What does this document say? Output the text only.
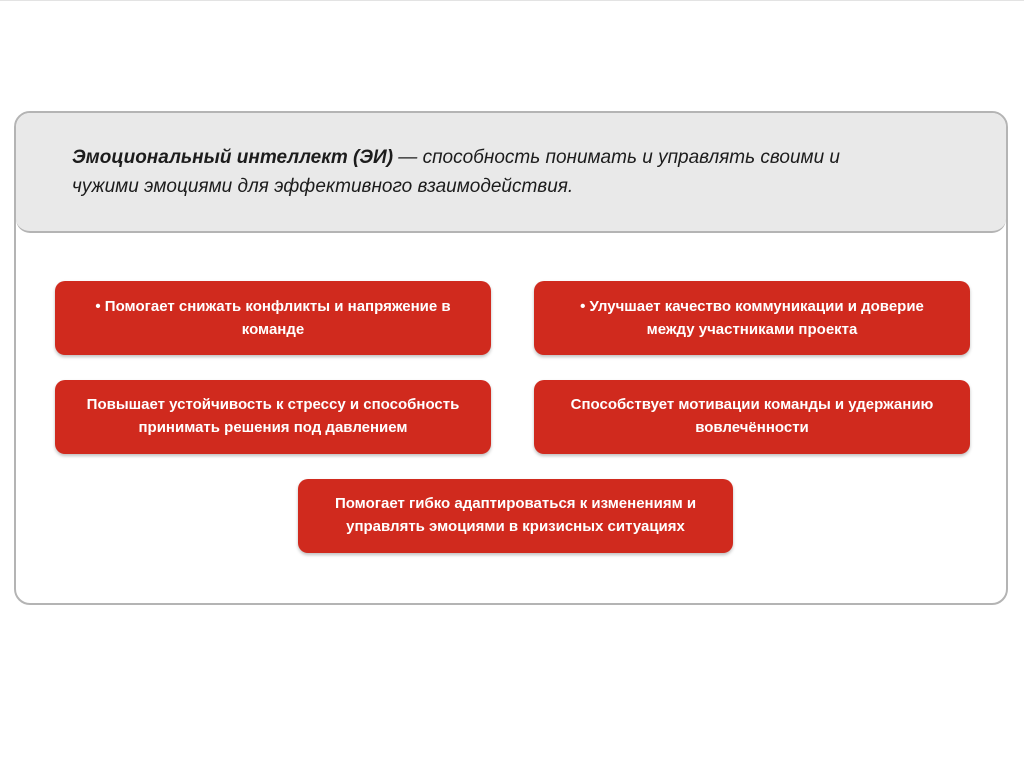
Эмоциональный интеллект (ЭИ) — способность понимать и управлять своими и чужими эмоциями для эффективного взаимодействия.
• Помогает снижать конфликты и напряжение в команде
• Улучшает качество коммуникации и доверие между участниками проекта
Повышает устойчивость к стрессу и способность принимать решения под давлением
Способствует мотивации команды и удержанию вовлечённости
Помогает гибко адаптироваться к изменениям и управлять эмоциями в кризисных ситуациях
